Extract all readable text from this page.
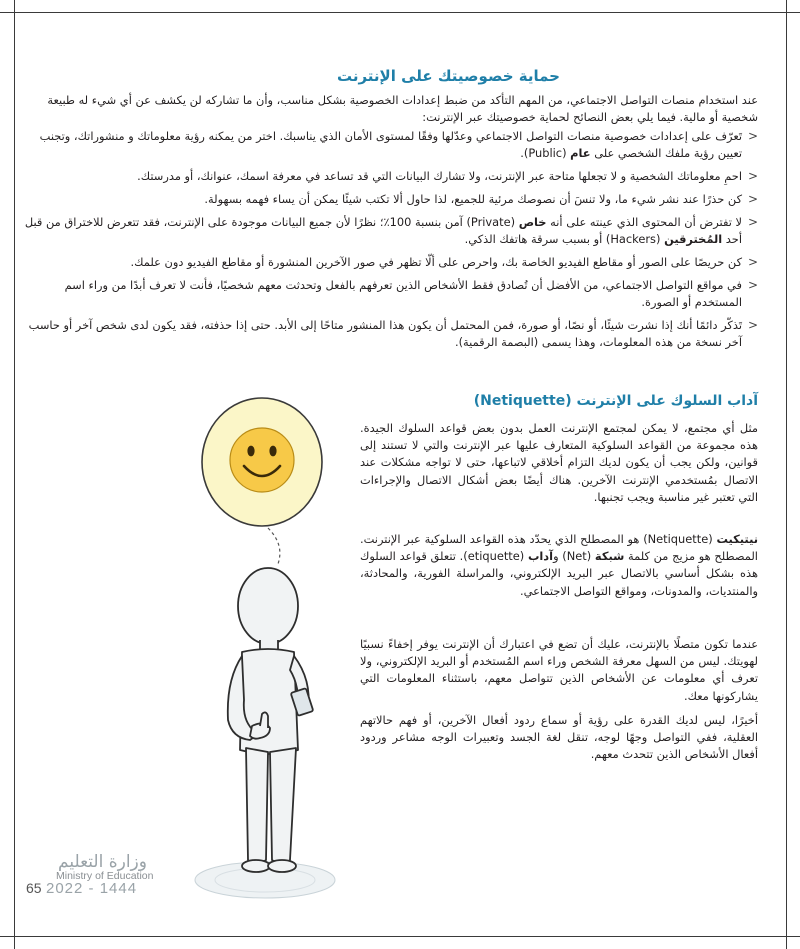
حماية خصوصيتك على الإنترنت
عند استخدام منصات التواصل الاجتماعي، من المهم التأكد من ضبط إعدادات الخصوصية بشكل مناسب، وأن ما تشاركه لن يكشف عن أي شيء له طبيعة شخصية أو مالية. فيما يلي بعض النصائح لحماية خصوصيتك عبر الإنترنت:
<
تَعرّف على إعدادات خصوصية منصات التواصل الاجتماعي وعدّلها وفقًا لمستوى الأمان الذي يناسبك. اختر من يمكنه رؤية معلوماتك و منشوراتك، وتجنب تعيين رؤية ملفك الشخصي على عام (Public).
<
احمِ معلوماتك الشخصية و لا تجعلها متاحة عبر الإنترنت، ولا تشارك البيانات التي قد تساعد في معرفة اسمك، عنوانك، أو مدرستك.
<
كن حذرًا عند نشر شيء ما، ولا تنسَ أن نصوصك مرئية للجميع، لذا حاول ألا تكتب شيئًا يمكن أن يساء فهمه بسهولة.
<
لا تفترض أن المحتوى الذي عينته على أنه خاص (Private) آمن بنسبة 100٪؛ نظرًا لأن جميع البيانات موجودة على الإنترنت، فقد تتعرض للاختراق من قبل أحد المُخترقين (Hackers) أو بسبب سرقة هاتفك الذكي.
<
كن حريصًا على الصور أو مقاطع الفيديو الخاصة بك، واحرص على ألّا تظهر في صور الآخرين المنشورة أو مقاطع الفيديو دون علمك.
<
في مواقع التواصل الاجتماعي، من الأفضل أن تُصادق فقط الأشخاص الذين تعرفهم بالفعل وتحدثت معهم شخصيًا، فأنت لا تعرف أبدًا من وراء اسم المستخدم أو الصورة.
<
تَذكّر دائمًا أنك إذا نشرت شيئًا، أو نصًا، أو صورة، فمن المحتمل أن يكون هذا المنشور متاحًا إلى الأبد. حتى إذا حذفته، فقد يكون لدى شخص آخر أو حاسب آخر نسخة من هذه المعلومات، وهذا يسمى (البصمة الرقمية).
آداب السلوك على الإنترنت (Netiquette)
مثل أي مجتمع، لا يمكن لمجتمع الإنترنت العمل بدون بعض قواعد السلوك الجيدة. هذه مجموعة من القواعد السلوكية المتعارف عليها عبر الإنترنت والتي لا تستند إلى قوانين، ولكن يجب أن يكون لديك التزام أخلاقي لاتباعها، حتى لا تواجه مشكلات عند الاتصال بمُستخدمي الإنترنت الآخرين. هناك أيضًا بعض أشكال الاتصال والإجراءات التي تعتبر غير مناسبة ويجب تجنبها.
نيتيكيت (Netiquette) هو المصطلح الذي يحدّد هذه القواعد السلوكية عبر الإنترنت. المصطلح هو مزيج من كلمة شبكة (Net) وآداب (etiquette). تتعلق قواعد السلوك هذه بشكل أساسي بالاتصال عبر البريد الإلكتروني، والمراسلة الفورية، والمحادثة، والمنتديات، والمدونات، ومواقع التواصل الاجتماعي.
عندما تكون متصلًا بالإنترنت، عليك أن تضع في اعتبارك أن الإنترنت يوفر إخفاءً نسبيًا لهويتك. ليس من السهل معرفة الشخص وراء اسم المُستخدم أو البريد الإلكتروني، ولا تعرف أي معلومات عن الأشخاص الذين تتواصل معهم، باستثناء المعلومات التي يشاركونها معك.
أخيرًا، ليس لديك القدرة على رؤية أو سماع ردود أفعال الآخرين، أو فهم حالاتهم العقلية، ففي التواصل وجهًا لوجه، تنقل لغة الجسد وتعبيرات الوجه مشاعر وردود أفعال الأشخاص الذين تتحدث معهم.
وزارة التعليم
Ministry of Education
65 2022 - 1444
